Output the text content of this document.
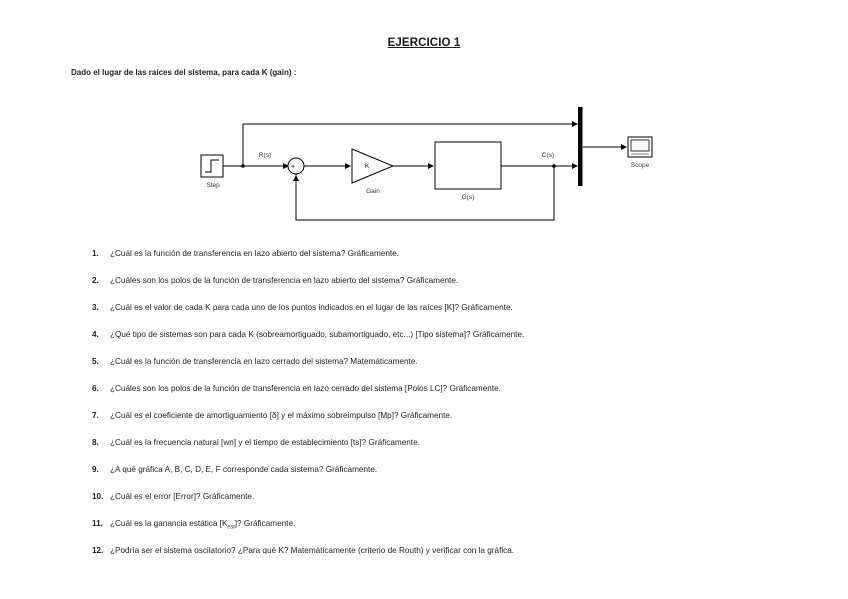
EJERCICIO 1
Dado el lugar de las raíces del sistema, para cada K (gain) :
Step
R(s)
+
-
K
Gain
G(s)
C(s)
Scope
1. ¿Cuál es la función de transferencia en lazo abierto del sistema? Gráficamente.
2. ¿Cuáles son los polos de la función de transferencia en lazo abierto del sistema? Gráficamente.
3. ¿Cuál es el valor de cada K para cada uno de los puntos indicados en el lugar de las raíces [K]? Gráficamente.
4. ¿Qué tipo de sistemas son para cada K (sobreamortiguado, subamortiguado, etc...) [Tipo sistema]? Gráficamente.
5. ¿Cuál es la función de transferencia en lazo cerrado del sistema? Matemáticamente.
6. ¿Cuáles son los polos de la función de transferencia en lazo cerrado del sistema [Polos LC]? Gráficamente.
7. ¿Cuál es el coeficiente de amortiguamiento [δ] y el máximo sobreimpulso [Mp]? Gráficamente.
8. ¿Cuál es la frecuencia natural [wn] y el tiempo de establecimiento [ts]? Gráficamente.
9. ¿A qué gráfica A, B, C, D, E, F corresponde cada sistema? Gráficamente.
10. ¿Cuál es el error [Error]? Gráficamente.
11. ¿Cuál es la ganancia estática $[K_{est}]$? Gráficamente.
12. ¿Podría ser el sistema oscilatorio? ¿Para qué K? Matemáticamente (criterio de Routh) y verificar con la gráfica.
